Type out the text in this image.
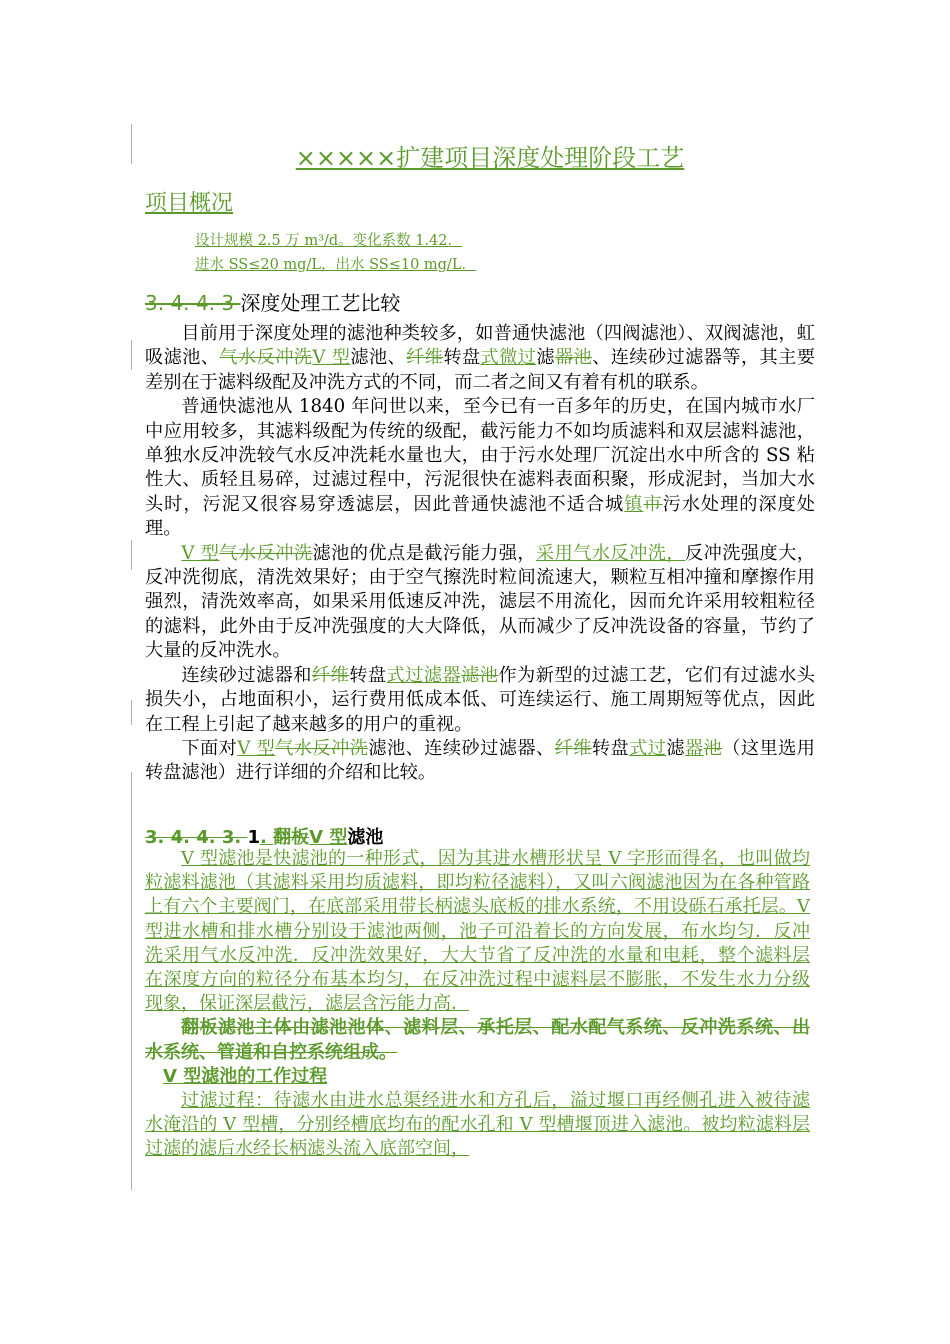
×××××扩建项目深度处理阶段工艺
项目概况
设计规模 2.5 万 m³/d。变化系数 1.42．
进水 SS≤20 mg/L，出水 SS≤10 mg/L．
3. 4. 4. 3 深度处理工艺比较

目前用于深度处理的滤池种类较多，如普通快滤池（四阀滤池）、双阀滤池，虹吸滤池、气水反冲洗V 型滤池、纤维转盘式微过滤器池、连续砂过滤器等，其主要差别在于滤料级配及冲洗方式的不同，而二者之间又有着有机的联系。

普通快滤池从 1840 年问世以来，至今已有一百多年的历史，在国内城市水厂中应用较多，其滤料级配为传统的级配，截污能力不如均质滤料和双层滤料滤池，单独水反冲洗较气水反冲洗耗水量也大，由于污水处理厂沉淀出水中所含的 SS 粘性大、质轻且易碎，过滤过程中，污泥很快在滤料表面积聚，形成泥封，当加大水头时，污泥又很容易穿透滤层，因此普通快滤池不适合城镇市污水处理的深度处理。

V 型气水反冲洗滤池的优点是截污能力强，采用气水反冲洗，反冲洗强度大，反冲洗彻底，清洗效果好；由于空气擦洗时粒间流速大，颗粒互相冲撞和摩擦作用强烈，清洗效率高，如果采用低速反冲洗，滤层不用流化，因而允许采用较粗粒径的滤料，此外由于反冲洗强度的大大降低，从而减少了反冲洗设备的容量，节约了大量的反冲洗水。

连续砂过滤器和纤维转盘式过滤器滤池作为新型的过滤工艺，它们有过滤水头损失小，占地面积小，运行费用低成本低、可连续运行、施工周期短等优点，因此在工程上引起了越来越多的用户的重视。

下面对V 型气水反冲洗滤池、连续砂过滤器、纤维转盘式过滤器池（这里选用转盘滤池）进行详细的介绍和比较。

3. 4. 4. 3. 1. 翻板V 型滤池

V 型滤池是快滤池的一种形式，因为其进水槽形状呈 V 字形而得名，也叫做均粒滤料滤池（其滤料采用均质滤料，即均粒径滤料），又叫六阀滤池因为在各种管路上有六个主要阀门，在底部采用带长柄滤头底板的排水系统，不用设砾石承托层。V 型进水槽和排水槽分别设于滤池两侧，池子可沿着长的方向发展，布水均匀．反冲洗采用气水反冲洗．反冲洗效果好，大大节省了反冲洗的水量和电耗，整个滤料层在深度方向的粒径分布基本均匀，在反冲洗过程中滤料层不膨胀，不发生水力分级现象，保证深层截污，滤层含污能力高．

翻板滤池主体由滤池池体、滤料层、承托层、配水配气系统、反冲洗系统、出水系统、管道和自控系统组成。

V 型滤池的工作过程

过滤过程：待滤水由进水总渠经进水和方孔后，溢过堰口再经侧孔进入被待滤水淹沿的 V 型槽，分别经槽底均布的配水孔和 V 型槽堰顶进入滤池。被均粒滤料层过滤的滤后水经长柄滤头流入底部空间，
